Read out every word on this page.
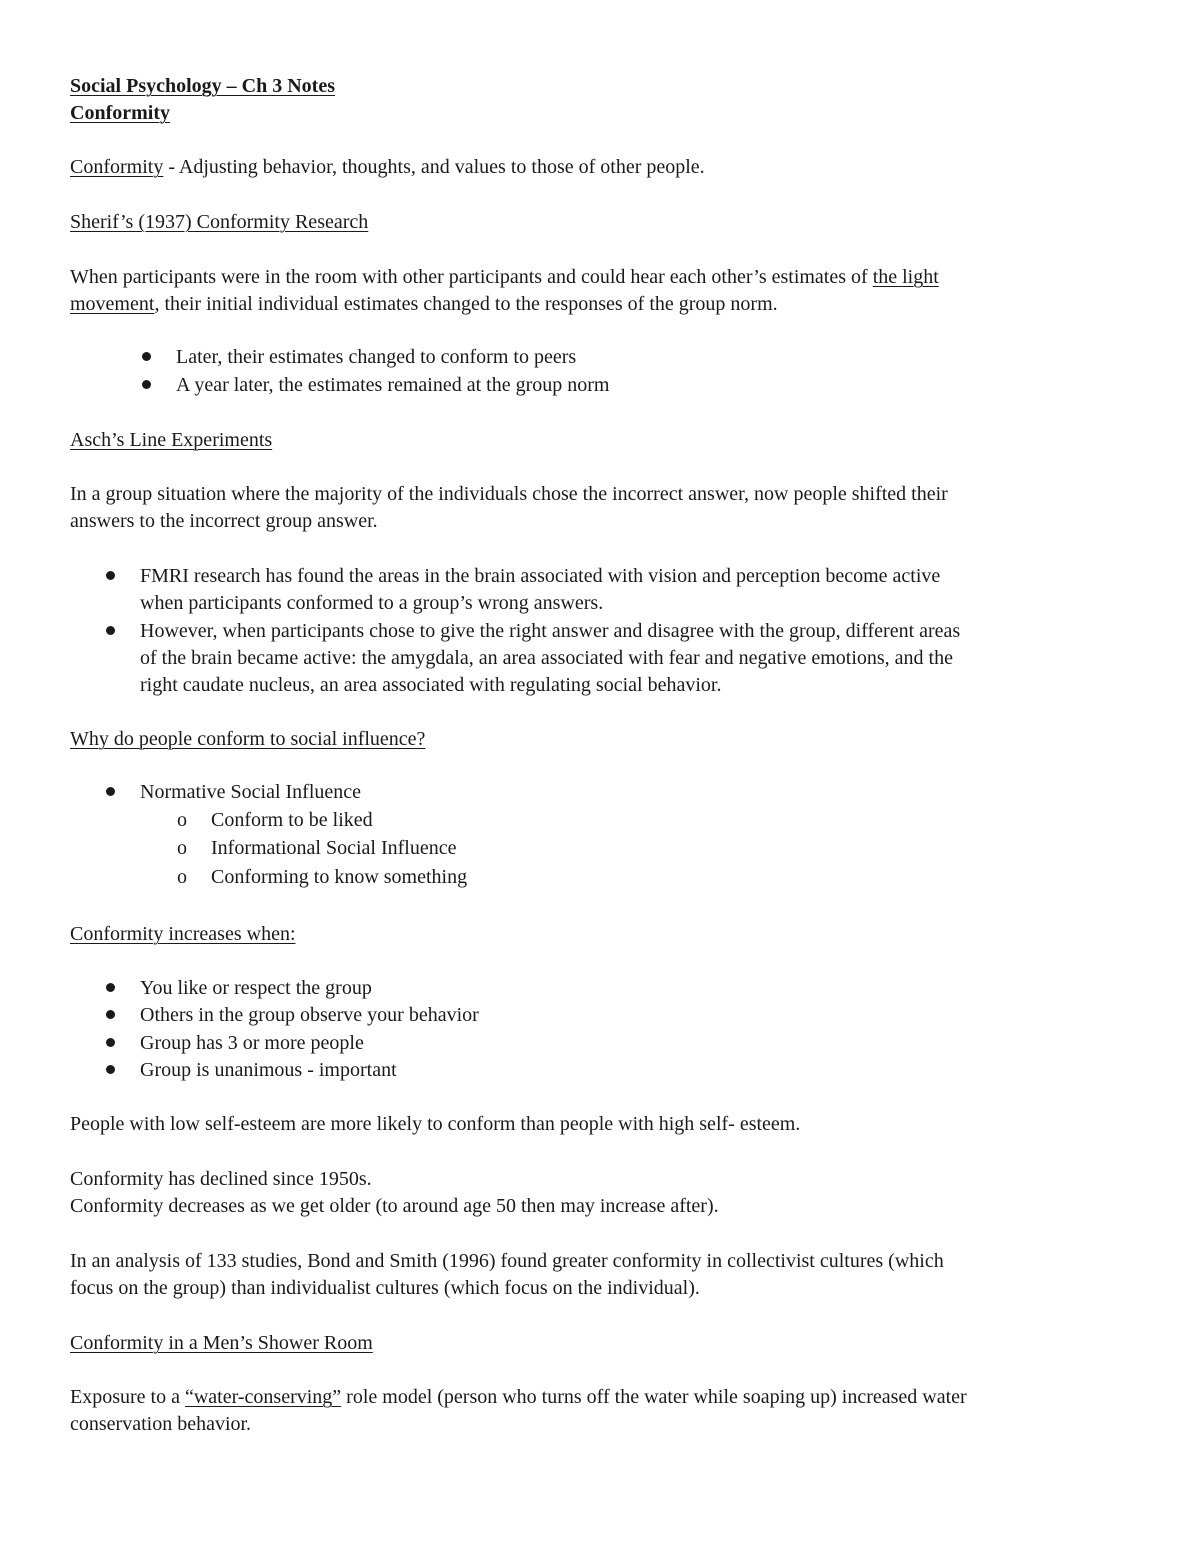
Social Psychology – Ch 3 Notes
Conformity
Conformity - Adjusting behavior, thoughts, and values to those of other people.
Sherif’s (1937) Conformity Research
When participants were in the room with other participants and could hear each other’s estimates of the light
movement, their initial individual estimates changed to the responses of the group norm.
Later, their estimates changed to conform to peers
A year later, the estimates remained at the group norm
Asch’s Line Experiments
In a group situation where the majority of the individuals chose the incorrect answer, now people shifted their
answers to the incorrect group answer.
FMRI research has found the areas in the brain associated with vision and perception become active
when participants conformed to a group’s wrong answers.
However, when participants chose to give the right answer and disagree with the group, different areas
of the brain became active: the amygdala, an area associated with fear and negative emotions, and the
right caudate nucleus, an area associated with regulating social behavior.
Why do people conform to social influence?
Normative Social Influence
o Conform to be liked
o Informational Social Influence
o Conforming to know something
Conformity increases when:
You like or respect the group
Others in the group observe your behavior
Group has 3 or more people
Group is unanimous - important
People with low self-esteem are more likely to conform than people with high self- esteem.
Conformity has declined since 1950s.
Conformity decreases as we get older (to around age 50 then may increase after).
In an analysis of 133 studies, Bond and Smith (1996) found greater conformity in collectivist cultures (which
focus on the group) than individualist cultures (which focus on the individual).
Conformity in a Men’s Shower Room
Exposure to a “water-conserving” role model (person who turns off the water while soaping up) increased water
conservation behavior.
